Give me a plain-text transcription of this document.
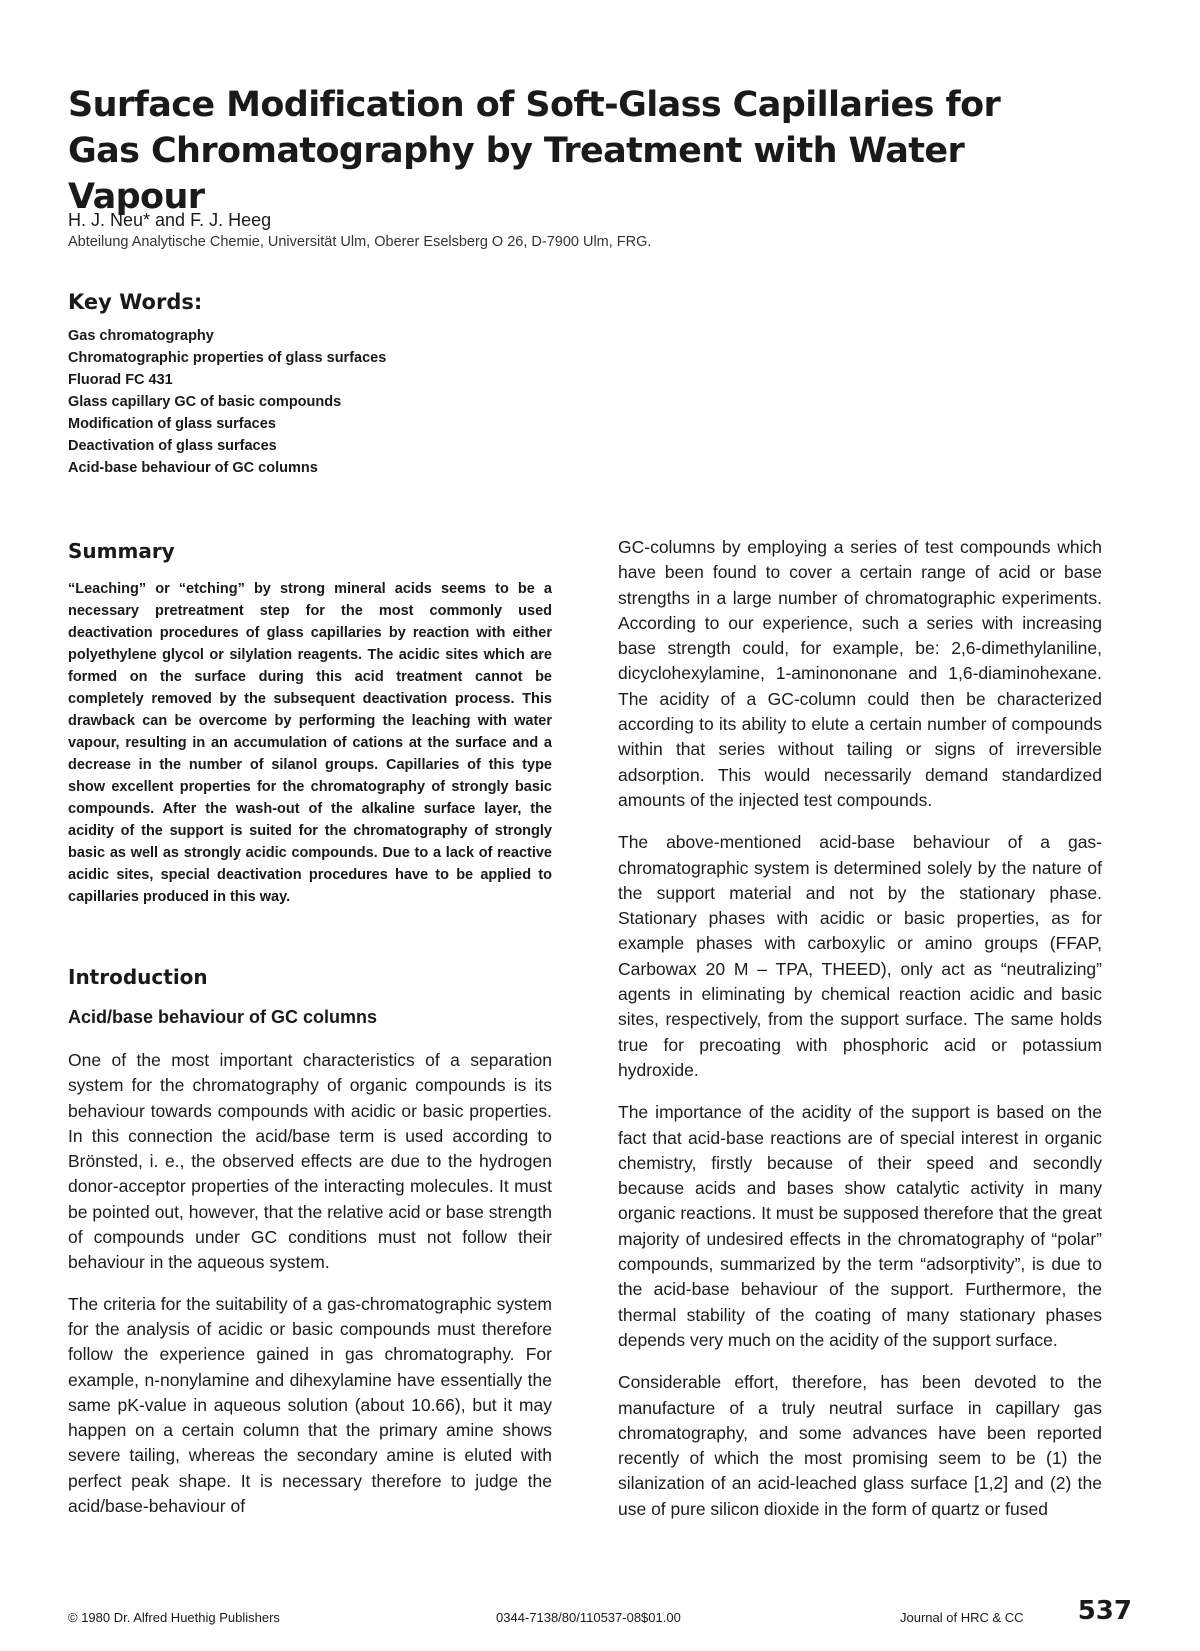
Surface Modification of Soft-Glass Capillaries for Gas Chromatography by Treatment with Water Vapour

H. J. Neu* and F. J. Heeg

Abteilung Analytische Chemie, Universität Ulm, Oberer Eselsberg O 26, D-7900 Ulm, FRG.

Key Words:
Gas chromatography
Chromatographic properties of glass surfaces
Fluorad FC 431
Glass capillary GC of basic compounds
Modification of glass surfaces
Deactivation of glass surfaces
Acid-base behaviour of GC columns
Summary

“Leaching” or “etching” by strong mineral acids seems to be a necessary pretreatment step for the most commonly used deactivation procedures of glass capillaries by reaction with either polyethylene glycol or silylation reagents. The acidic sites which are formed on the surface during this acid treatment cannot be completely removed by the subsequent deactivation process. This drawback can be overcome by performing the leaching with water vapour, resulting in an accumulation of cations at the surface and a decrease in the number of silanol groups. Capillaries of this type show excellent properties for the chromatography of strongly basic compounds. After the wash-out of the alkaline surface layer, the acidity of the support is suited for the chromatography of strongly basic as well as strongly acidic compounds. Due to a lack of reactive acidic sites, special deactivation procedures have to be applied to capillaries produced in this way.

Introduction
Acid/base behaviour of GC columns

One of the most important characteristics of a separation system for the chromatography of organic compounds is its behaviour towards compounds with acidic or basic properties. In this connection the acid/base term is used according to Brönsted, i. e., the observed effects are due to the hydrogen donor-acceptor properties of the interacting molecules. It must be pointed out, however, that the relative acid or base strength of compounds under GC conditions must not follow their behaviour in the aqueous system.

The criteria for the suitability of a gas-chromatographic system for the analysis of acidic or basic compounds must therefore follow the experience gained in gas chromatography. For example, n-nonylamine and dihexylamine have essentially the same pK-value in aqueous solution (about 10.66), but it may happen on a certain column that the primary amine shows severe tailing, whereas the secondary amine is eluted with perfect peak shape. It is necessary therefore to judge the acid/base-behaviour of

GC-columns by employing a series of test compounds which have been found to cover a certain range of acid or base strengths in a large number of chromatographic experiments. According to our experience, such a series with increasing base strength could, for example, be: 2,6-dimethylaniline, dicyclohexylamine, 1-aminononane and 1,6-diaminohexane. The acidity of a GC-column could then be characterized according to its ability to elute a certain number of compounds within that series without tailing or signs of irreversible adsorption. This would necessarily demand standardized amounts of the injected test compounds.

The above-mentioned acid-base behaviour of a gas-chromatographic system is determined solely by the nature of the support material and not by the stationary phase. Stationary phases with acidic or basic properties, as for example phases with carboxylic or amino groups (FFAP, Carbowax 20 M – TPA, THEED), only act as “neutralizing” agents in eliminating by chemical reaction acidic and basic sites, respectively, from the support surface. The same holds true for precoating with phosphoric acid or potassium hydroxide.

The importance of the acidity of the support is based on the fact that acid-base reactions are of special interest in organic chemistry, firstly because of their speed and secondly because acids and bases show catalytic activity in many organic reactions. It must be supposed therefore that the great majority of undesired effects in the chromatography of “polar” compounds, summarized by the term “adsorptivity”, is due to the acid-base behaviour of the support. Furthermore, the thermal stability of the coating of many stationary phases depends very much on the acidity of the support surface.

Considerable effort, therefore, has been devoted to the manufacture of a truly neutral surface in capillary gas chromatography, and some advances have been reported recently of which the most promising seem to be (1) the silanization of an acid-leached glass surface [1,2] and (2) the use of pure silicon dioxide in the form of quartz or fused

© 1980 Dr. Alfred Huethig Publishers	0344-7138/80/110537-08$01.00	Journal of HRC & CC 537
